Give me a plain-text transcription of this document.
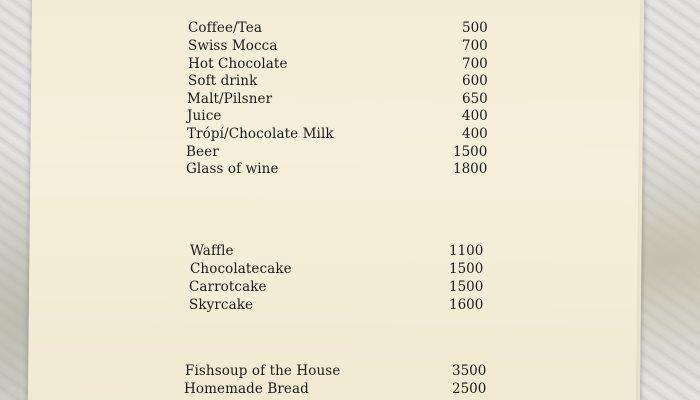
Coffee/Tea	500
Swiss Mocca	700
Hot Chocolate	700
Soft drink	600
Malt/Pilsner	650
Juice	400
Trópí/Chocolate Milk	400
Beer	1500
Glass of wine	1800
Waffle	1100
Chocolatecake	1500
Carrotcake	1500
Skyrcake	1600
Fishsoup of the House	3500
Homemade Bread	2500
